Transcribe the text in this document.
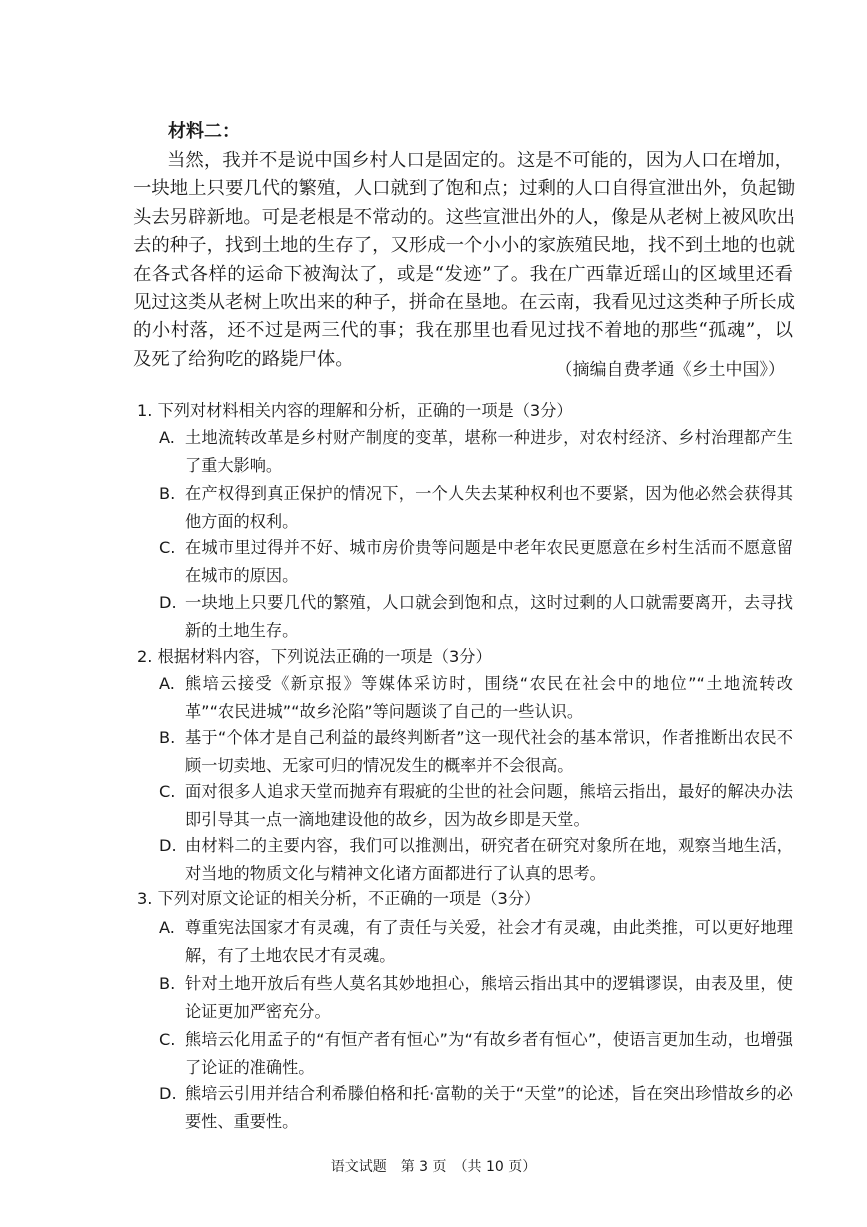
材料二：
当然，我并不是说中国乡村人口是固定的。这是不可能的，因为人口在增加，
一块地上只要几代的繁殖，人口就到了饱和点；过剩的人口自得宣泄出外，负起锄
头去另辟新地。可是老根是不常动的。这些宣泄出外的人，像是从老树上被风吹出
去的种子，找到土地的生存了，又形成一个小小的家族殖民地，找不到土地的也就
在各式各样的运命下被淘汰了，或是“发迹”了。我在广西靠近瑶山的区域里还看
见过这类从老树上吹出来的种子，拼命在垦地。在云南，我看见过这类种子所长成
的小村落，还不过是两三代的事；我在那里也看见过找不着地的那些“孤魂”，以
及死了给狗吃的路毙尸体。
（摘编自费孝通《乡土中国》）
1. 下列对材料相关内容的理解和分析，正确的一项是（3分）
A. 土地流转改革是乡村财产制度的变革，堪称一种进步，对农村经济、乡村治理都产生了重大影响。
B. 在产权得到真正保护的情况下，一个人失去某种权利也不要紧，因为他必然会获得其他方面的权利。
C. 在城市里过得并不好、城市房价贵等问题是中老年农民更愿意在乡村生活而不愿意留在城市的原因。
D. 一块地上只要几代的繁殖，人口就会到饱和点，这时过剩的人口就需要离开，去寻找新的土地生存。
2. 根据材料内容，下列说法正确的一项是（3分）
A. 熊培云接受《新京报》等媒体采访时，围绕“农民在社会中的地位”“土地流转改革”“农民进城”“故乡沦陷”等问题谈了自己的一些认识。
B. 基于“个体才是自己利益的最终判断者”这一现代社会的基本常识，作者推断出农民不顾一切卖地、无家可归的情况发生的概率并不会很高。
C. 面对很多人追求天堂而抛弃有瑕疵的尘世的社会问题，熊培云指出，最好的解决办法即引导其一点一滴地建设他的故乡，因为故乡即是天堂。
D. 由材料二的主要内容，我们可以推测出，研究者在研究对象所在地，观察当地生活，对当地的物质文化与精神文化诸方面都进行了认真的思考。
3. 下列对原文论证的相关分析，不正确的一项是（3分）
A. 尊重宪法国家才有灵魂，有了责任与关爱，社会才有灵魂，由此类推，可以更好地理解，有了土地农民才有灵魂。
B. 针对土地开放后有些人莫名其妙地担心，熊培云指出其中的逻辑谬误，由表及里，使论证更加严密充分。
C. 熊培云化用孟子的“有恒产者有恒心”为“有故乡者有恒心”，使语言更加生动，也增强了论证的准确性。
D. 熊培云引用并结合利希滕伯格和托·富勒的关于“天堂”的论述，旨在突出珍惜故乡的必要性、重要性。
语文试题　第 3 页　（共 10 页）
